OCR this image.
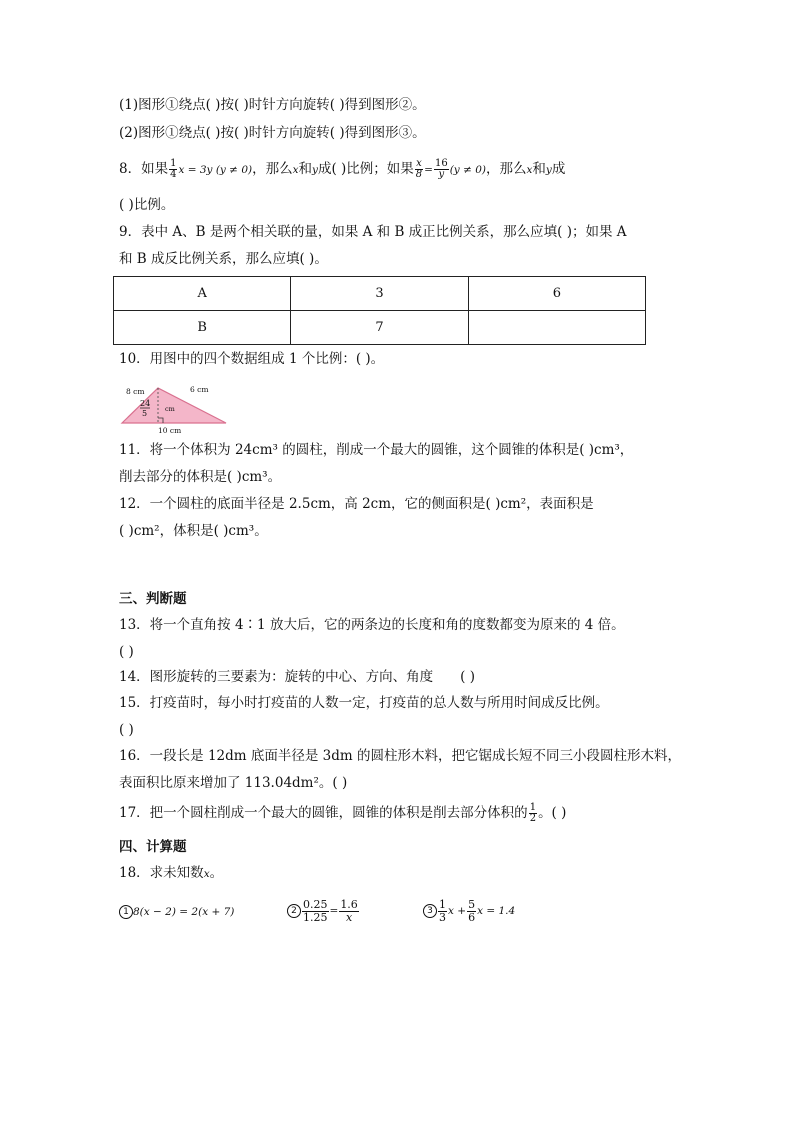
(1)图形①绕点( )按( )时针方向旋转( )得到图形②。
(2)图形①绕点( )按( )时针方向旋转( )得到图形③。
8．如果 $\frac{1}{4}$ x = 3y (y ≠ 0)，那么x和y成( )比例；如果 $\frac{x}{8} = \frac{16}{y} (y \ne 0)$，那么x和y成
( )比例。
9．表中 A、B 是两个相关联的量，如果 A 和 B 成正比例关系，那么应填( )；如果 A
和 B 成反比例关系，那么应填( )。
A	3	6
B	7	
10．用图中的四个数据组成 1 个比例：( )。
8 cm	6 cm
24
5	cm
10 cm
11．将一个体积为 24cm³ 的圆柱，削成一个最大的圆锥，这个圆锥的体积是( )cm³，
削去部分的体积是( )cm³。
12．一个圆柱的底面半径是 2.5cm，高 2cm，它的侧面积是( )cm²，表面积是
( )cm²，体积是( )cm³。
三、判断题
13．将一个直角按 4∶1 放大后，它的两条边的长度和角的度数都变为原来的 4 倍。
( )
14．图形旋转的三要素为：旋转的中心、方向、角度　　( )
15．打疫苗时，每小时打疫苗的人数一定，打疫苗的总人数与所用时间成反比例。
( )
16．一段长是 12dm 底面半径是 3dm 的圆柱形木料，把它锯成长短不同三小段圆柱形木料，
表面积比原来增加了 113.04dm²。( )
17．把一个圆柱削成一个最大的圆锥，圆锥的体积是削去部分体积的 $\frac{1}{2}$ 。( )
四、计算题
18．求未知数x。
1 8(x − 2) = 2(x + 7)	$2 \frac{0.25}{1.25} = \frac{1.6}{x}$	$3 \frac{1}{3}$ $x + \frac{5}{6}$ x = 1.4
